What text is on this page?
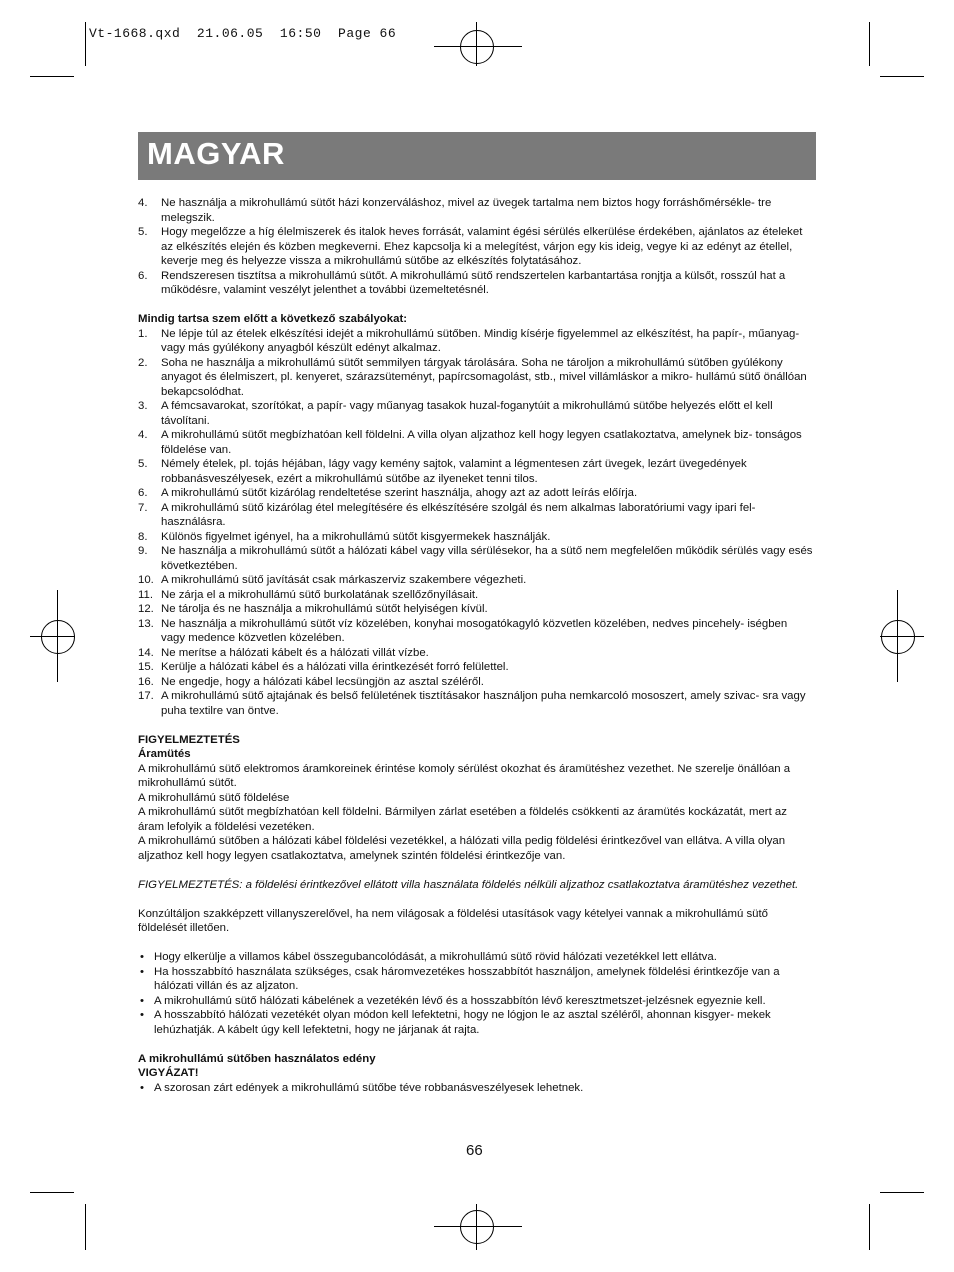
Vt-1668.qxd  21.06.05  16:50  Page 66
MAGYAR
4. Ne használja a mikrohullámú sütőt házi konzerváláshoz, mivel az üvegek tartalma nem biztos hogy forráshőmérsékle- tre melegszik.
5. Hogy megelőzze a híg élelmiszerek és italok heves forrását, valamint égési sérülés elkerülése érdekében, ajánlatos az ételeket az elkészítés elején és közben megkeverni. Ehez kapcsolja ki a melegítést, várjon egy kis ideig, vegye ki az edényt az étellel, keverje meg és helyezze vissza a mikrohullámú sütőbe az elkészítés folytatásához.
6. Rendszeresen tisztítsa a mikrohullámú sütőt. A mikrohullámú sütő rendszertelen karbantartása ronjtja a külsőt, rosszúl hat a működésre, valamint veszélyt jelenthet a további üzemeltetésnél.
Mindig tartsa szem előtt a következő szabályokat:
1. Ne lépje túl az ételek elkészítési idejét a mikrohullámú sütőben. Mindig kísérje figyelemmel az elkészítést, ha papír-, műanyag- vagy más gyúlékony anyagból készült edényt alkalmaz.
2. Soha ne használja a mikrohullámú sütőt semmilyen tárgyak tárolására. Soha ne tároljon a mikrohullámú sütőben gyúlékony anyagot és élelmiszert, pl. kenyeret, szárazsüteményt, papírcsomagolást, stb., mivel villámláskor a mikro- hullámú sütő önállóan bekapcsolódhat.
3. A fémcsavarokat, szorítókat, a papír- vagy műanyag tasakok huzal-foganytúit a mikrohullámú sütőbe helyezés előtt el kell távolítani.
4. A mikrohullámú sütőt megbízhatóan kell földelni. A villa olyan aljzathoz kell hogy legyen csatlakoztatva, amelynek biz- tonságos földelése van.
5. Némely ételek, pl. tojás héjában, lágy vagy kemény sajtok, valamint a légmentesen zárt üvegek, lezárt üvegedények robbanásveszélyesek, ezért a mikrohullámú sütőbe az ilyeneket tenni tilos.
6. A mikrohullámú sütőt kizárólag rendeltetése szerint használja, ahogy azt az adott leírás előírja.
7. A mikrohullámú sütő kizárólag étel melegítésére és elkészítésére szolgál és nem alkalmas laboratóriumi vagy ipari fel- használásra.
8. Különös figyelmet igényel, ha a mikrohullámú sütőt kisgyermekek használják.
9. Ne használja a mikrohullámú sütőt a hálózati kábel vagy villa sérülésekor, ha a sütő nem megfelelően működik sérülés vagy esés következtében.
10. A mikrohullámú sütő javítását csak márkaszerviz szakembere végezheti.
11. Ne zárja el a mikrohullámú sütő burkolatának szellőzőnyílásait.
12. Ne tárolja és ne használja a mikrohullámú sütőt helyiségen kívül.
13. Ne használja a mikrohullámú sütőt víz közelében, konyhai mosogatókagyló közvetlen közelében, nedves pincehely- iségben vagy medence közvetlen közelében.
14. Ne merítse a hálózati kábelt és a hálózati villát vízbe.
15. Kerülje a hálózati kábel és a hálózati villa érintkezését forró felülettel.
16. Ne engedje, hogy a hálózati kábel lecsüngjön az asztal széléről.
17. A mikrohullámú sütő ajtajának és belső felületének tisztításakor használjon puha nemkarcoló mososzert, amely szivac- sra vagy puha textilre van öntve.
FIGYELMEZTETÉS
Áramütés
A mikrohullámú sütő elektromos áramkoreinek érintése komoly sérülést okozhat és áramütéshez vezethet. Ne szerelje önállóan a mikrohullámú sütőt.
A mikrohullámú sütő földelése
A mikrohullámú sütőt megbízhatóan kell földelni. Bármilyen zárlat esetében a földelés csökkenti az áramütés kockázatát, mert az áram lefolyik a földelési vezetéken.
A mikrohullámú sütőben a hálózati kábel földelési vezetékkel, a hálózati villa pedig földelési érintkezővel van ellátva. A villa olyan aljzathoz kell hogy legyen csatlakoztatva, amelynek szintén földelési érintkezője van.
FIGYELMEZTETÉS: a földelési érintkezővel ellátott villa használata földelés nélküli aljzathoz csatlakoztatva áramütéshez vezethet.
Konzúltáljon szakképzett villanyszerelővel, ha nem világosak a földelési utasítások vagy kételyei vannak a mikrohullámú sütő földelését illetően.
• Hogy elkerülje a villamos kábel összegubancolódását, a mikrohullámú sütő rövid hálózati vezetékkel lett ellátva.
• Ha hosszabbító használata szükséges, csak háromvezetékes hosszabbítót használjon, amelynek földelési érintkezője van a hálózati villán és az aljzaton.
• A mikrohullámú sütő hálózati kábelének a vezetékén lévő és a hosszabbítón lévő keresztmetszet-jelzésnek egyeznie kell.
• A hosszabbító hálózati vezetékét olyan módon kell lefektetni, hogy ne lógjon le az asztal széléről, ahonnan kisgyer- mekek lehúzhatják. A kábelt úgy kell lefektetni, hogy ne járjanak át rajta.
A mikrohullámú sütőben használatos edény
VIGYÁZAT!
• A szorosan zárt edények a mikrohullámú sütőbe téve robbanásveszélyesek lehetnek.
66
